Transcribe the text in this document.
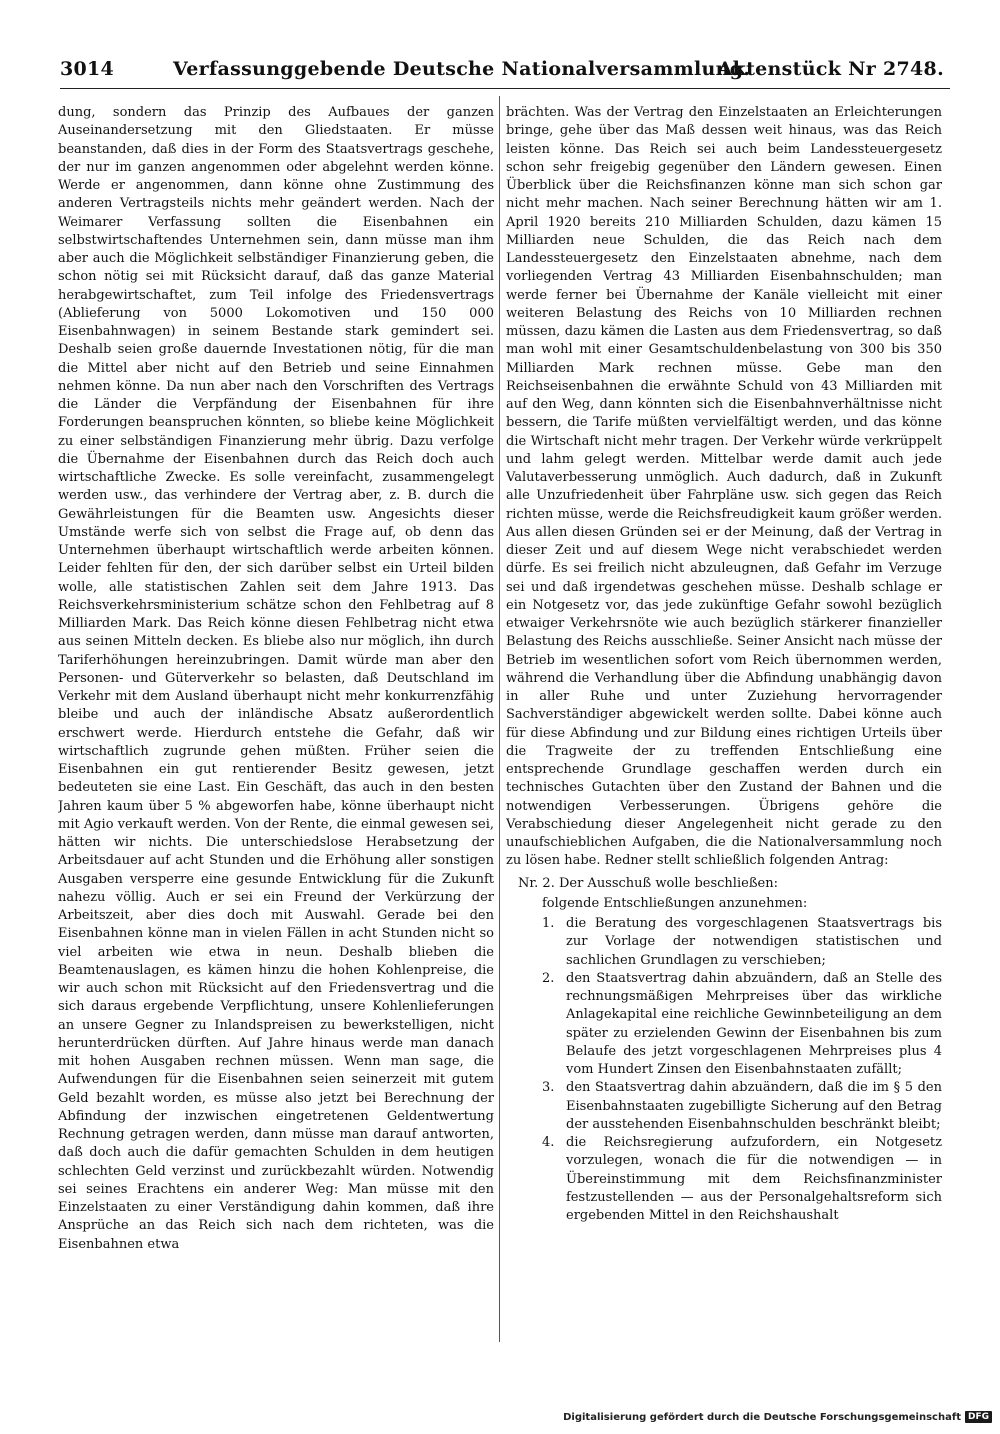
3014	Verfassunggebende Deutsche Nationalversammlung.
Aktenstück Nr 2748.

dung, sondern das Prinzip des Aufbaues der ganzen Auseinandersetzung mit den Gliedstaaten. Er müsse beanstanden, daß dies in der Form des Staatsvertrags geschehe, der nur im ganzen angenommen oder abgelehnt werden könne. Werde er angenommen, dann könne ohne Zustimmung des anderen Vertragsteils nichts mehr geändert werden. Nach der Weimarer Verfassung sollten die Eisenbahnen ein selbstwirtschaftendes Unternehmen sein, dann müsse man ihm aber auch die Möglichkeit selbständiger Finanzierung geben, die schon nötig sei mit Rücksicht darauf, daß das ganze Material herabgewirtschaftet, zum Teil infolge des Friedensvertrags (Ablieferung von 5000 Lokomotiven und 150 000 Eisenbahnwagen) in seinem Bestande stark gemindert sei. Deshalb seien große dauernde Investationen nötig, für die man die Mittel aber nicht auf den Betrieb und seine Einnahmen nehmen könne. Da nun aber nach den Vorschriften des Vertrags die Länder die Verpfändung der Eisenbahnen für ihre Forderungen beanspruchen könnten, so bliebe keine Möglichkeit zu einer selbständigen Finanzierung mehr übrig. Dazu verfolge die Übernahme der Eisenbahnen durch das Reich doch auch wirtschaftliche Zwecke. Es solle vereinfacht, zusammengelegt werden usw., das verhindere der Vertrag aber, z. B. durch die Gewährleistungen für die Beamten usw. Angesichts dieser Umstände werfe sich von selbst die Frage auf, ob denn das Unternehmen überhaupt wirtschaftlich werde arbeiten können. Leider fehlten für den, der sich darüber selbst ein Urteil bilden wolle, alle statistischen Zahlen seit dem Jahre 1913. Das Reichsverkehrsministerium schätze schon den Fehlbetrag auf 8 Milliarden Mark. Das Reich könne diesen Fehlbetrag nicht etwa aus seinen Mitteln decken. Es bliebe also nur möglich, ihn durch Tariferhöhungen hereinzubringen. Damit würde man aber den Personen- und Güterverkehr so belasten, daß Deutschland im Verkehr mit dem Ausland überhaupt nicht mehr konkurrenzfähig bleibe und auch der inländische Absatz außerordentlich erschwert werde. Hierdurch entstehe die Gefahr, daß wir wirtschaftlich zugrunde gehen müßten. Früher seien die Eisenbahnen ein gut rentierender Besitz gewesen, jetzt bedeuteten sie eine Last. Ein Geschäft, das auch in den besten Jahren kaum über 5 % abgeworfen habe, könne überhaupt nicht mit Agio verkauft werden. Von der Rente, die einmal gewesen sei, hätten wir nichts. Die unterschiedslose Herabsetzung der Arbeitsdauer auf acht Stunden und die Erhöhung aller sonstigen Ausgaben versperre eine gesunde Entwicklung für die Zukunft nahezu völlig. Auch er sei ein Freund der Verkürzung der Arbeitszeit, aber dies doch mit Auswahl. Gerade bei den Eisenbahnen könne man in vielen Fällen in acht Stunden nicht so viel arbeiten wie etwa in neun. Deshalb blieben die Beamtenauslagen, es kämen hinzu die hohen Kohlenpreise, die wir auch schon mit Rücksicht auf den Friedensvertrag und die sich daraus ergebende Verpflichtung, unsere Kohlenlieferungen an unsere Gegner zu Inlandspreisen zu bewerkstelligen, nicht herunterdrücken dürften. Auf Jahre hinaus werde man danach mit hohen Ausgaben rechnen müssen. Wenn man sage, die Aufwendungen für die Eisenbahnen seien seinerzeit mit gutem Geld bezahlt worden, es müsse also jetzt bei Berechnung der Abfindung der inzwischen eingetretenen Geldentwertung Rechnung getragen werden, dann müsse man darauf antworten, daß doch auch die dafür gemachten Schulden in dem heutigen schlechten Geld verzinst und zurückbezahlt würden. Notwendig sei seines Erachtens ein anderer Weg: Man müsse mit den Einzelstaaten zu einer Verständigung dahin kommen, daß ihre Ansprüche an das Reich sich nach dem richteten, was die Eisenbahnen etwa

brächten. Was der Vertrag den Einzelstaaten an Erleichterungen bringe, gehe über das Maß dessen weit hinaus, was das Reich leisten könne. Das Reich sei auch beim Landessteuergesetz schon sehr freigebig gegenüber den Ländern gewesen. Einen Überblick über die Reichsfinanzen könne man sich schon gar nicht mehr machen. Nach seiner Berechnung hätten wir am 1. April 1920 bereits 210 Milliarden Schulden, dazu kämen 15 Milliarden neue Schulden, die das Reich nach dem Landessteuergesetz den Einzelstaaten abnehme, nach dem vorliegenden Vertrag 43 Milliarden Eisenbahnschulden; man werde ferner bei Übernahme der Kanäle vielleicht mit einer weiteren Belastung des Reichs von 10 Milliarden rechnen müssen, dazu kämen die Lasten aus dem Friedensvertrag, so daß man wohl mit einer Gesamtschuldenbelastung von 300 bis 350 Milliarden Mark rechnen müsse. Gebe man den Reichseisenbahnen die erwähnte Schuld von 43 Milliarden mit auf den Weg, dann könnten sich die Eisenbahnverhältnisse nicht bessern, die Tarife müßten vervielfältigt werden, und das könne die Wirtschaft nicht mehr tragen. Der Verkehr würde verkrüppelt und lahm gelegt werden. Mittelbar werde damit auch jede Valutaverbesserung unmöglich. Auch dadurch, daß in Zukunft alle Unzufriedenheit über Fahrpläne usw. sich gegen das Reich richten müsse, werde die Reichsfreudigkeit kaum größer werden. Aus allen diesen Gründen sei er der Meinung, daß der Vertrag in dieser Zeit und auf diesem Wege nicht verabschiedet werden dürfe. Es sei freilich nicht abzuleugnen, daß Gefahr im Verzuge sei und daß irgendetwas geschehen müsse. Deshalb schlage er ein Notgesetz vor, das jede zukünftige Gefahr sowohl bezüglich etwaiger Verkehrsnöte wie auch bezüglich stärkerer finanzieller Belastung des Reichs ausschließe. Seiner Ansicht nach müsse der Betrieb im wesentlichen sofort vom Reich übernommen werden, während die Verhandlung über die Abfindung unabhängig davon in aller Ruhe und unter Zuziehung hervorragender Sachverständiger abgewickelt werden sollte. Dabei könne auch für diese Abfindung und zur Bildung eines richtigen Urteils über die Tragweite der zu treffenden Entschließung eine entsprechende Grundlage geschaffen werden durch ein technisches Gutachten über den Zustand der Bahnen und die notwendigen Verbesserungen. Übrigens gehöre die Verabschiedung dieser Angelegenheit nicht gerade zu den unaufschieblichen Aufgaben, die die Nationalversammlung noch zu lösen habe. Redner stellt schließlich folgenden Antrag:

Nr. 2. Der Ausschuß wolle beschließen:

folgende Entschließungen anzunehmen:

1. die Beratung des vorgeschlagenen Staatsvertrags bis zur Vorlage der notwendigen statistischen und sachlichen Grundlagen zu verschieben;
2. den Staatsvertrag dahin abzuändern, daß an Stelle des rechnungsmäßigen Mehrpreises über das wirkliche Anlagekapital eine reichliche Gewinnbeteiligung an dem später zu erzielenden Gewinn der Eisenbahnen bis zum Belaufe des jetzt vorgeschlagenen Mehrpreises plus 4 vom Hundert Zinsen den Eisenbahnstaaten zufällt;
3. den Staatsvertrag dahin abzuändern, daß die im § 5 den Eisenbahnstaaten zugebilligte Sicherung auf den Betrag der ausstehenden Eisenbahnschulden beschränkt bleibt;
4. die Reichsregierung aufzufordern, ein Notgesetz vorzulegen, wonach die für die notwendigen — in Übereinstimmung mit dem Reichsfinanzminister festzustellenden — aus der Personalgehaltsreform sich ergebenden Mittel in den Reichshaushalt
Digitalisierung gefördert durch die Deutsche Forschungsgemeinschaft DFG
